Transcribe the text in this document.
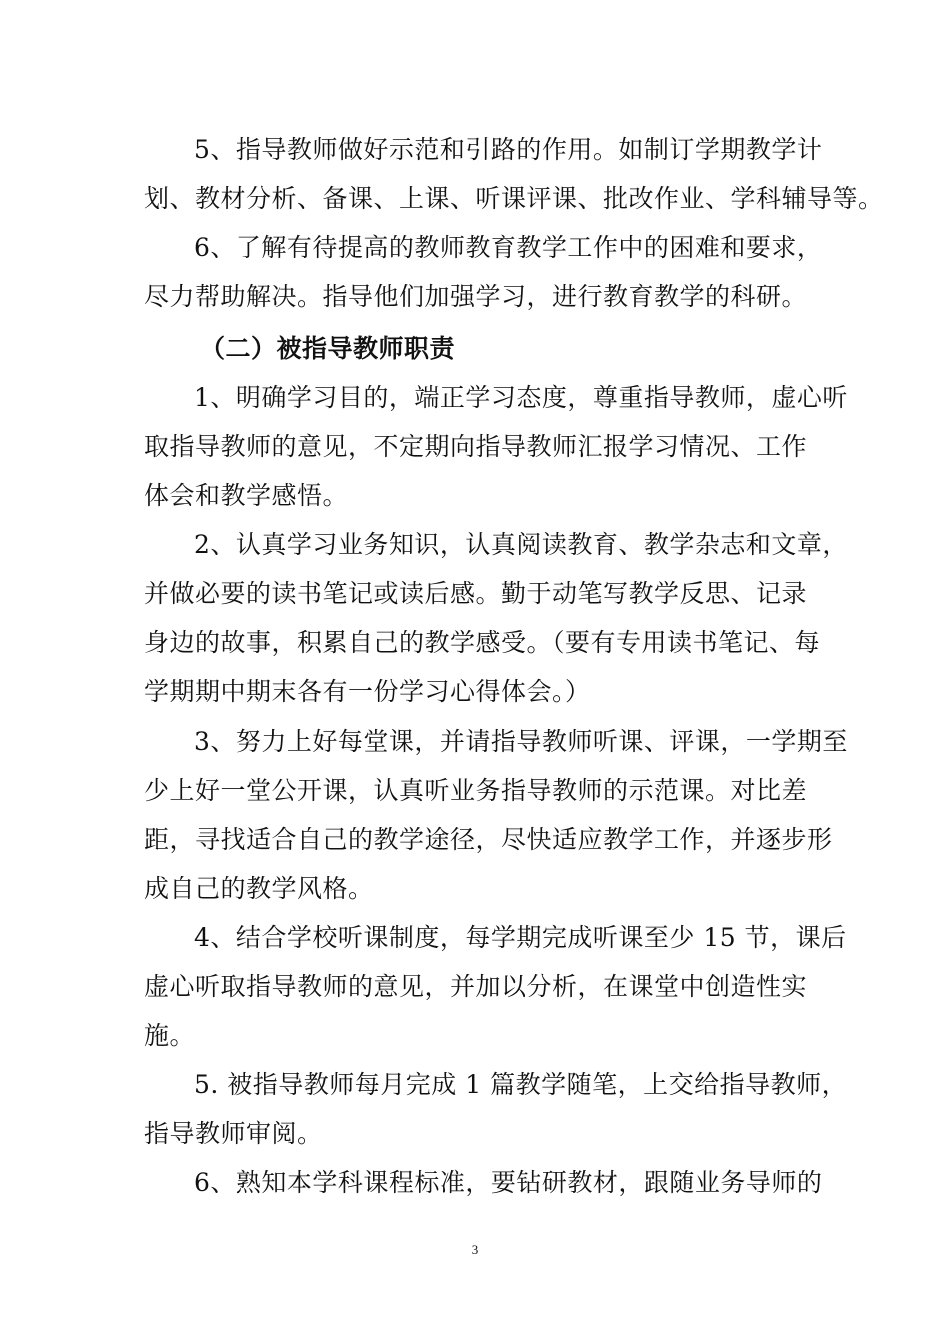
5、指导教师做好示范和引路的作用。如制订学期教学计
划、教材分析、备课、上课、听课评课、批改作业、学科辅导等。
6、了解有待提高的教师教育教学工作中的困难和要求，
尽力帮助解决。指导他们加强学习，进行教育教学的科研。
（二）被指导教师职责
1、明确学习目的，端正学习态度，尊重指导教师，虚心听
取指导教师的意见，不定期向指导教师汇报学习情况、工作
体会和教学感悟。
2、认真学习业务知识，认真阅读教育、教学杂志和文章，
并做必要的读书笔记或读后感。勤于动笔写教学反思、记录
身边的故事，积累自己的教学感受。（要有专用读书笔记、每
学期期中期末各有一份学习心得体会。）
3、努力上好每堂课，并请指导教师听课、评课，一学期至
少上好一堂公开课，认真听业务指导教师的示范课。对比差
距，寻找适合自己的教学途径，尽快适应教学工作，并逐步形
成自己的教学风格。
4、结合学校听课制度，每学期完成听课至少 15 节，课后
虚心听取指导教师的意见，并加以分析，在课堂中创造性实
施。
5. 被指导教师每月完成 1 篇教学随笔，上交给指导教师，
指导教师审阅。
6、熟知本学科课程标准，要钻研教材，跟随业务导师的
3
